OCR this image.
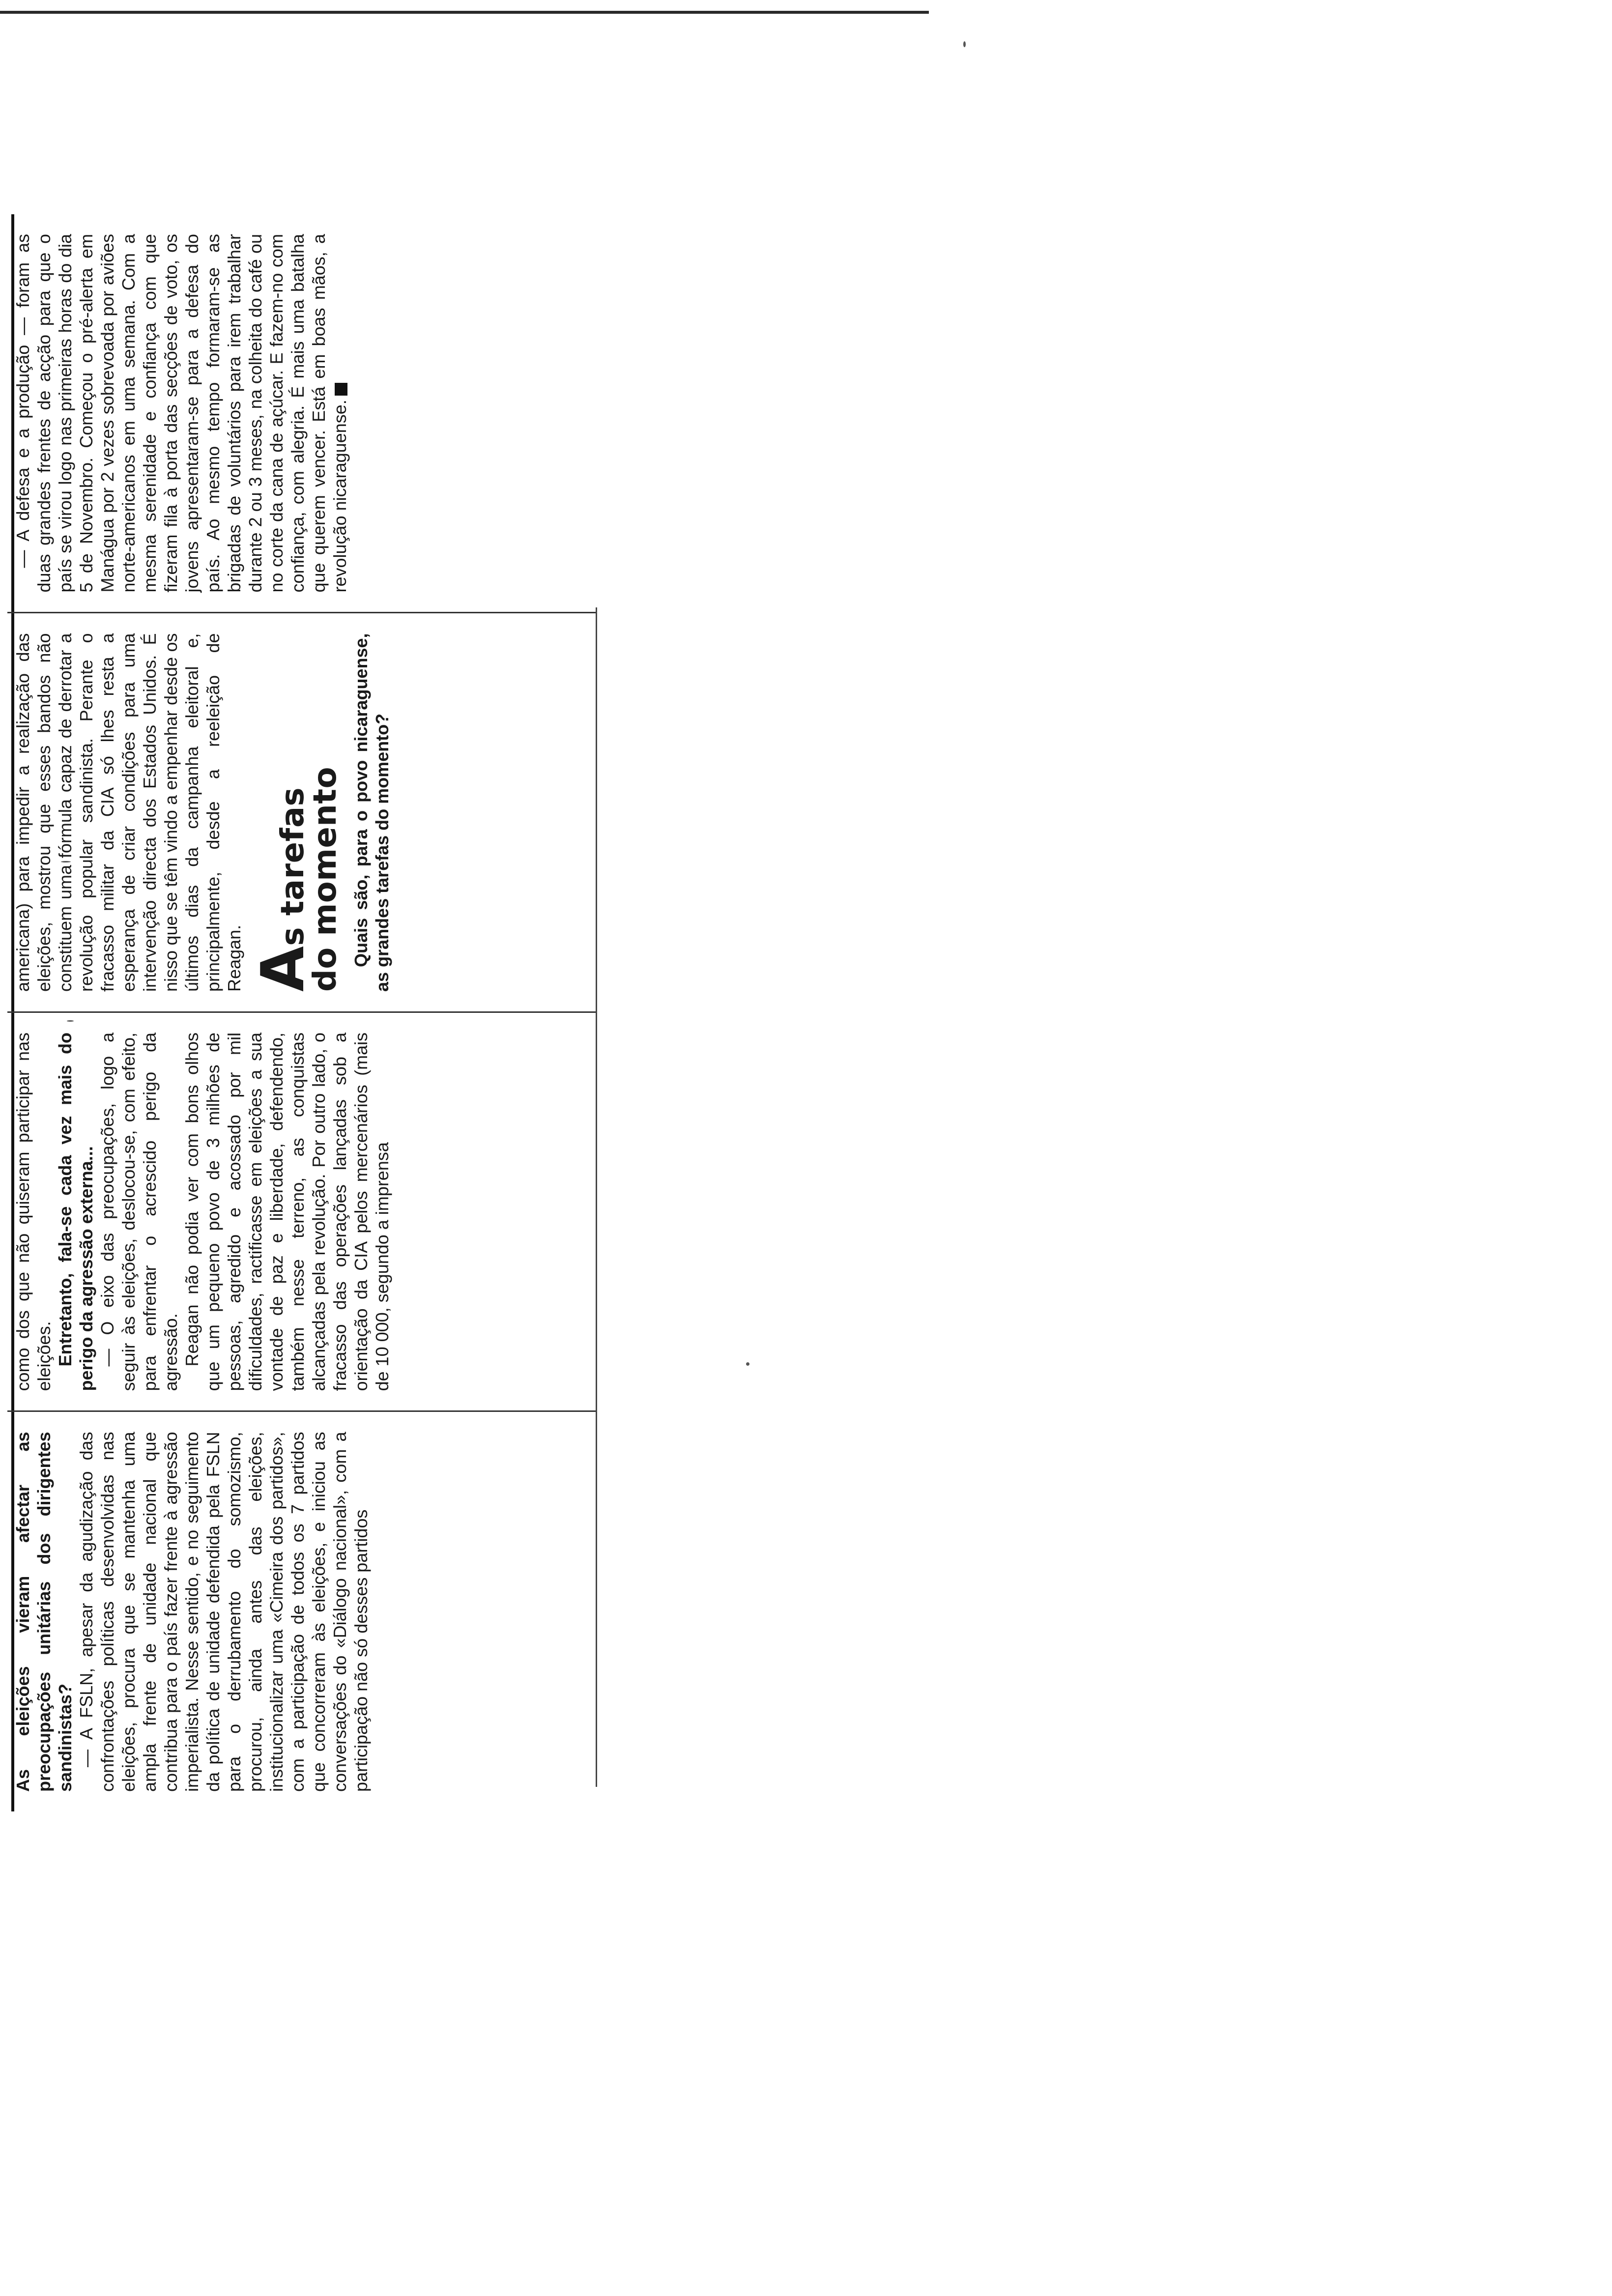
As eleições vieram afectar as preocupações unitárias dos dirigentes sandinistas? — A FSLN, apesar da agudização das confrontações políticas desenvolvidas nas eleições, procura que se mantenha uma ampla frente de unidade nacional que contribua para o país fazer frente à agressão imperialista. Nesse sentido, e no seguimento da política de unidade defendida pela FSLN para o derrubamento do somozismo, procurou, ainda antes das eleições, institucionalizar uma «Cimeira dos partidos», com a participação de todos os 7 partidos que concorreram às eleições, e iniciou as conversações do «Diálogo nacional», com a participação não só desses partidos

como dos que não quiseram participar nas eleições. Entretanto, fala-se cada vez mais do perigo da agressão externa... — O eixo das preocupações, logo a seguir às eleições, deslocou-se, com efeito, para enfrentar o acrescido perigo da agressão. Reagan não podia ver com bons olhos que um pequeno povo de 3 milhões de pessoas, agredido e acossado por mil dificuldades, ractificasse em eleições a sua vontade de paz e liberdade, defendendo, também nesse terreno, as conquistas alcançadas pela revolução. Por outro lado, o fracasso das operações lançadas sob a orientação da CIA pelos mercenários (mais de 10 000, segundo a imprensa

americana) para impedir a realização das eleições, mostrou que esses bandos não constituem uma fórmula capaz de derrotar a revolução popular sandinista. Perante o fracasso militar da CIA só lhes resta a esperança de criar condições para uma intervenção directa dos Estados Unidos. É nisso que se têm vindo a empenhar desde os últimos dias da campanha eleitoral e, principalmente, desde a reeleição de Reagan. As tarefas
do momento Quais são, para o povo nicaraguense, as grandes tarefas do momento?

— A defesa e a produção — foram as duas grandes frentes de acção para que o país se virou logo nas primeiras horas do dia 5 de Novembro. Começou o pré-alerta em Manágua por 2 vezes sobrevoada por aviões norte-americanos em uma semana. Com a mesma serenidade e confiança com que fizeram fila à porta das secções de voto, os jovens apresentaram-se para a defesa do país. Ao mesmo tempo formaram-se as brigadas de voluntários para irem trabalhar durante 2 ou 3 meses, na colheita do café ou no corte da cana de açúcar. E fazem-no com confiança, com alegria. É mais uma batalha que querem vencer. Está em boas mãos, a revolução nicaraguense.
